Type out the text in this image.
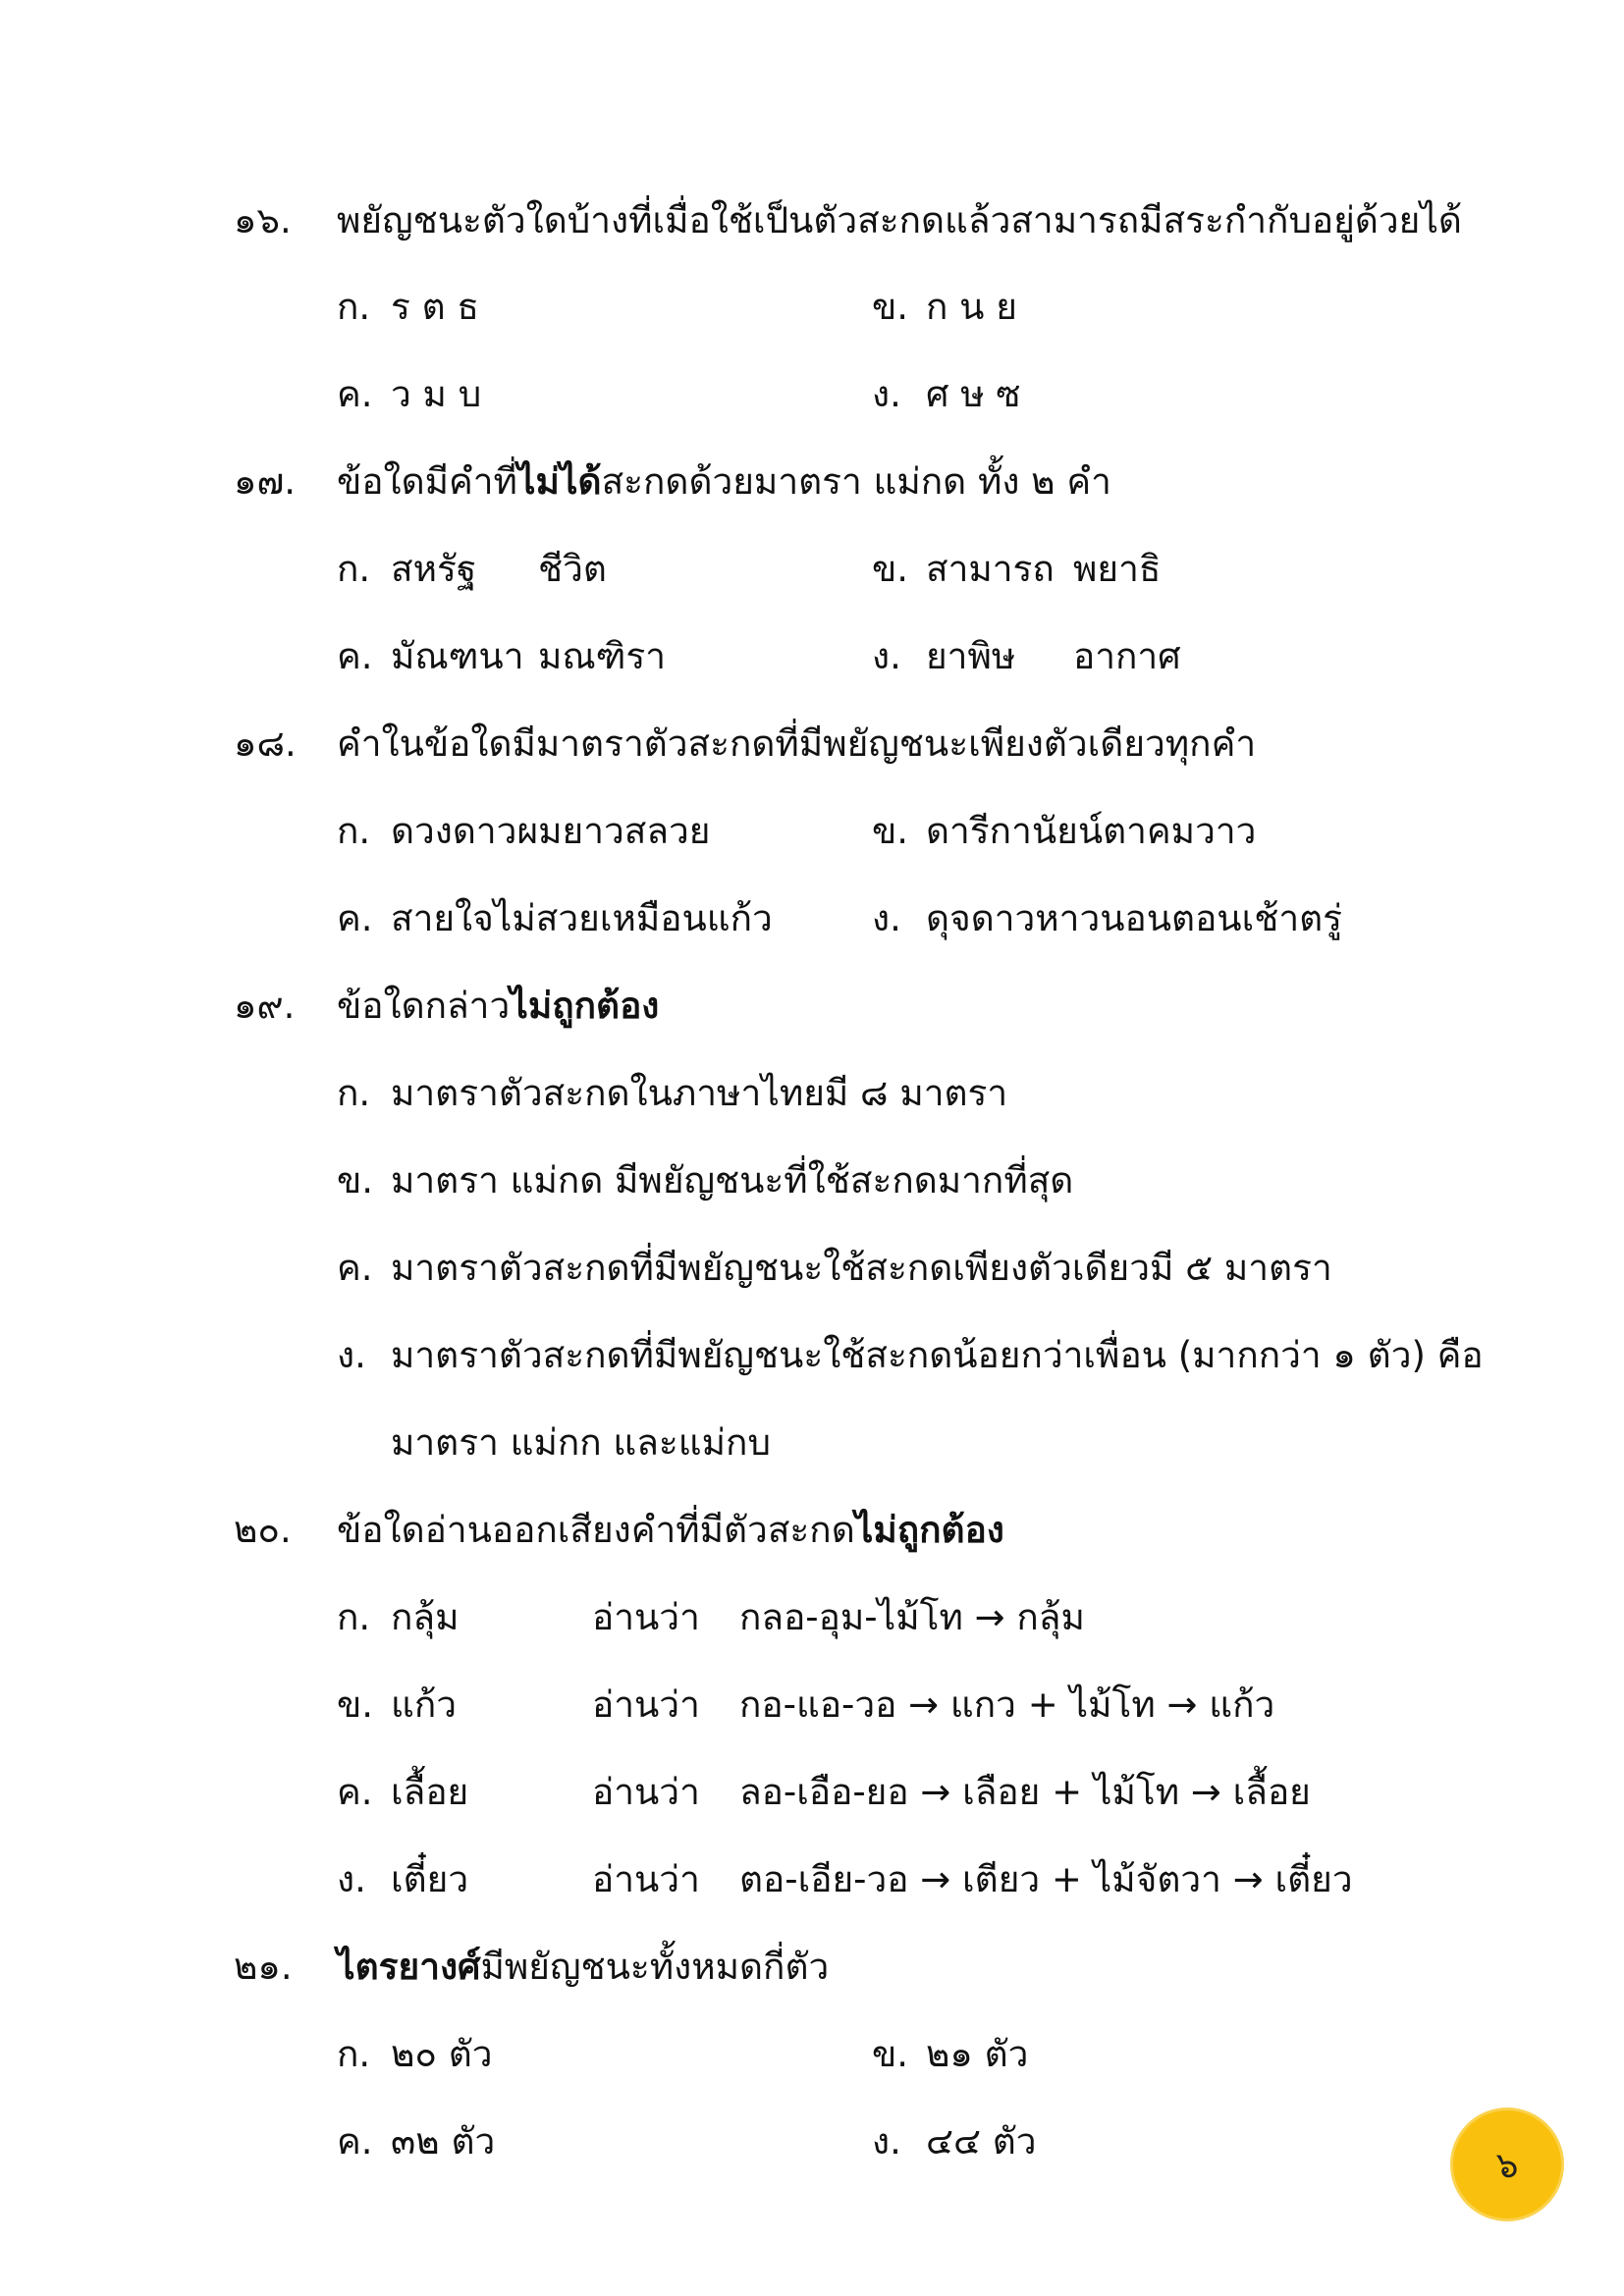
๑๖. พยัญชนะตัวใดบ้างที่เมื่อใช้เป็นตัวสะกดแล้วสามารถมีสระกำกับอยู่ด้วยได้
ก. ร ต ธ	ข. ก น ย
ค. ว ม บ	ง. ศ ษ ซ
๑๗. ข้อใดมีคำที่ไม่ได้สะกดด้วยมาตรา แม่กด ทั้ง ๒ คำ
ก. สหรัฐ ชีวิต	ข. สามารถ พยาธิ
ค. มัณฑนา มณฑิรา	ง. ยาพิษ อากาศ
๑๘. คำในข้อใดมีมาตราตัวสะกดที่มีพยัญชนะเพียงตัวเดียวทุกคำ
ก. ดวงดาวผมยาวสลวย	ข. ดารีกานัยน์ตาคมวาว
ค. สายใจไม่สวยเหมือนแก้ว	ง. ดุจดาวหาวนอนตอนเช้าตรู่
๑๙. ข้อใดกล่าวไม่ถูกต้อง
ก. มาตราตัวสะกดในภาษาไทยมี ๘ มาตรา
ข. มาตรา แม่กด มีพยัญชนะที่ใช้สะกดมากที่สุด
ค. มาตราตัวสะกดที่มีพยัญชนะใช้สะกดเพียงตัวเดียวมี ๕ มาตรา
ง. มาตราตัวสะกดที่มีพยัญชนะใช้สะกดน้อยกว่าเพื่อน (มากกว่า ๑ ตัว) คือ
มาตรา แม่กก และแม่กบ
๒๐. ข้อใดอ่านออกเสียงคำที่มีตัวสะกดไม่ถูกต้อง
ก. กลุ้ม	อ่านว่า กลอ-อุม-ไม้โท → กลุ้ม
ข. แก้ว	อ่านว่า กอ-แอ-วอ → แกว + ไม้โท → แก้ว
ค. เลื้อย	อ่านว่า ลอ-เอือ-ยอ → เลือย + ไม้โท → เลื้อย
ง. เตี๋ยว	อ่านว่า ตอ-เอีย-วอ → เตียว + ไม้จัตวา → เตี๋ยว
๒๑. ไตรยางศ์มีพยัญชนะทั้งหมดกี่ตัว
ก. ๒๐ ตัว	ข. ๒๑ ตัว
ค. ๓๒ ตัว	ง. ๔๔ ตัว
๖
